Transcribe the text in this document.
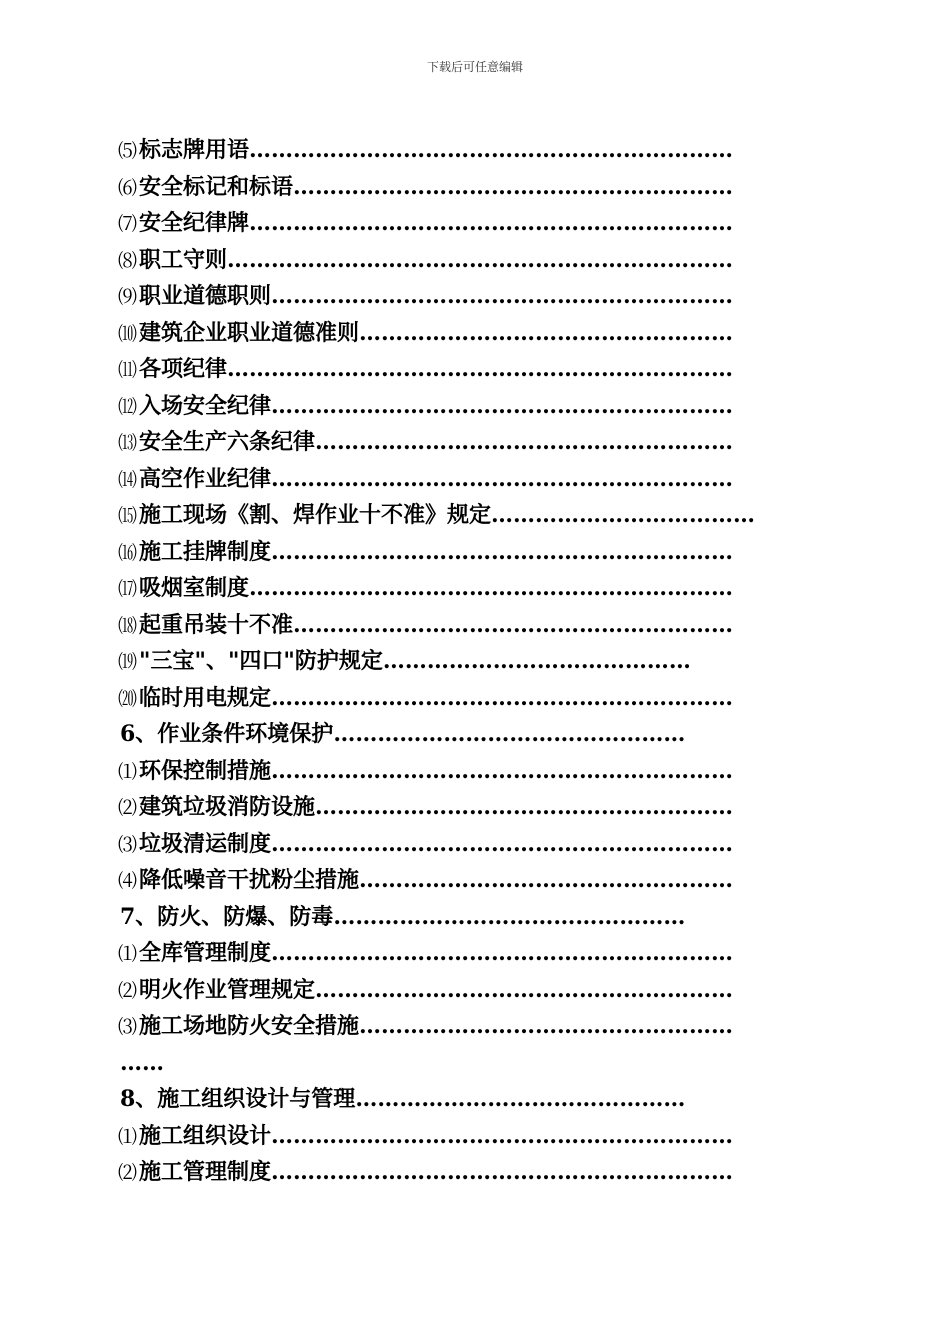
下载后可任意编辑
⑸标志牌用语…………………………………………………………
⑹安全标记和标语……………………………………………………
⑺安全纪律牌…………………………………………………………
⑻职工守则……………………………………………………………
⑼职业道德职则………………………………………………………
⑽建筑企业职业道德准则……………………………………………
⑾各项纪律……………………………………………………………
⑿入场安全纪律………………………………………………………
⒀安全生产六条纪律…………………………………………………
⒁高空作业纪律………………………………………………………
⒂施工现场《割、焊作业十不准》规定………………………………
⒃施工挂牌制度………………………………………………………
⒄吸烟室制度…………………………………………………………
⒅起重吊装十不准……………………………………………………
⒆"三宝"、"四口"防护规定……………………………………
⒇临时用电规定………………………………………………………
6、作业条件环境保护…………………………………………
⑴环保控制措施………………………………………………………
⑵建筑垃圾消防设施…………………………………………………
⑶垃圾清运制度………………………………………………………
⑷降低噪音干扰粉尘措施……………………………………………
7、防火、防爆、防毒…………………………………………
⑴全库管理制度………………………………………………………
⑵明火作业管理规定…………………………………………………
⑶施工场地防火安全措施……………………………………………
……
8、施工组织设计与管理………………………………………
⑴施工组织设计………………………………………………………
⑵施工管理制度………………………………………………………
